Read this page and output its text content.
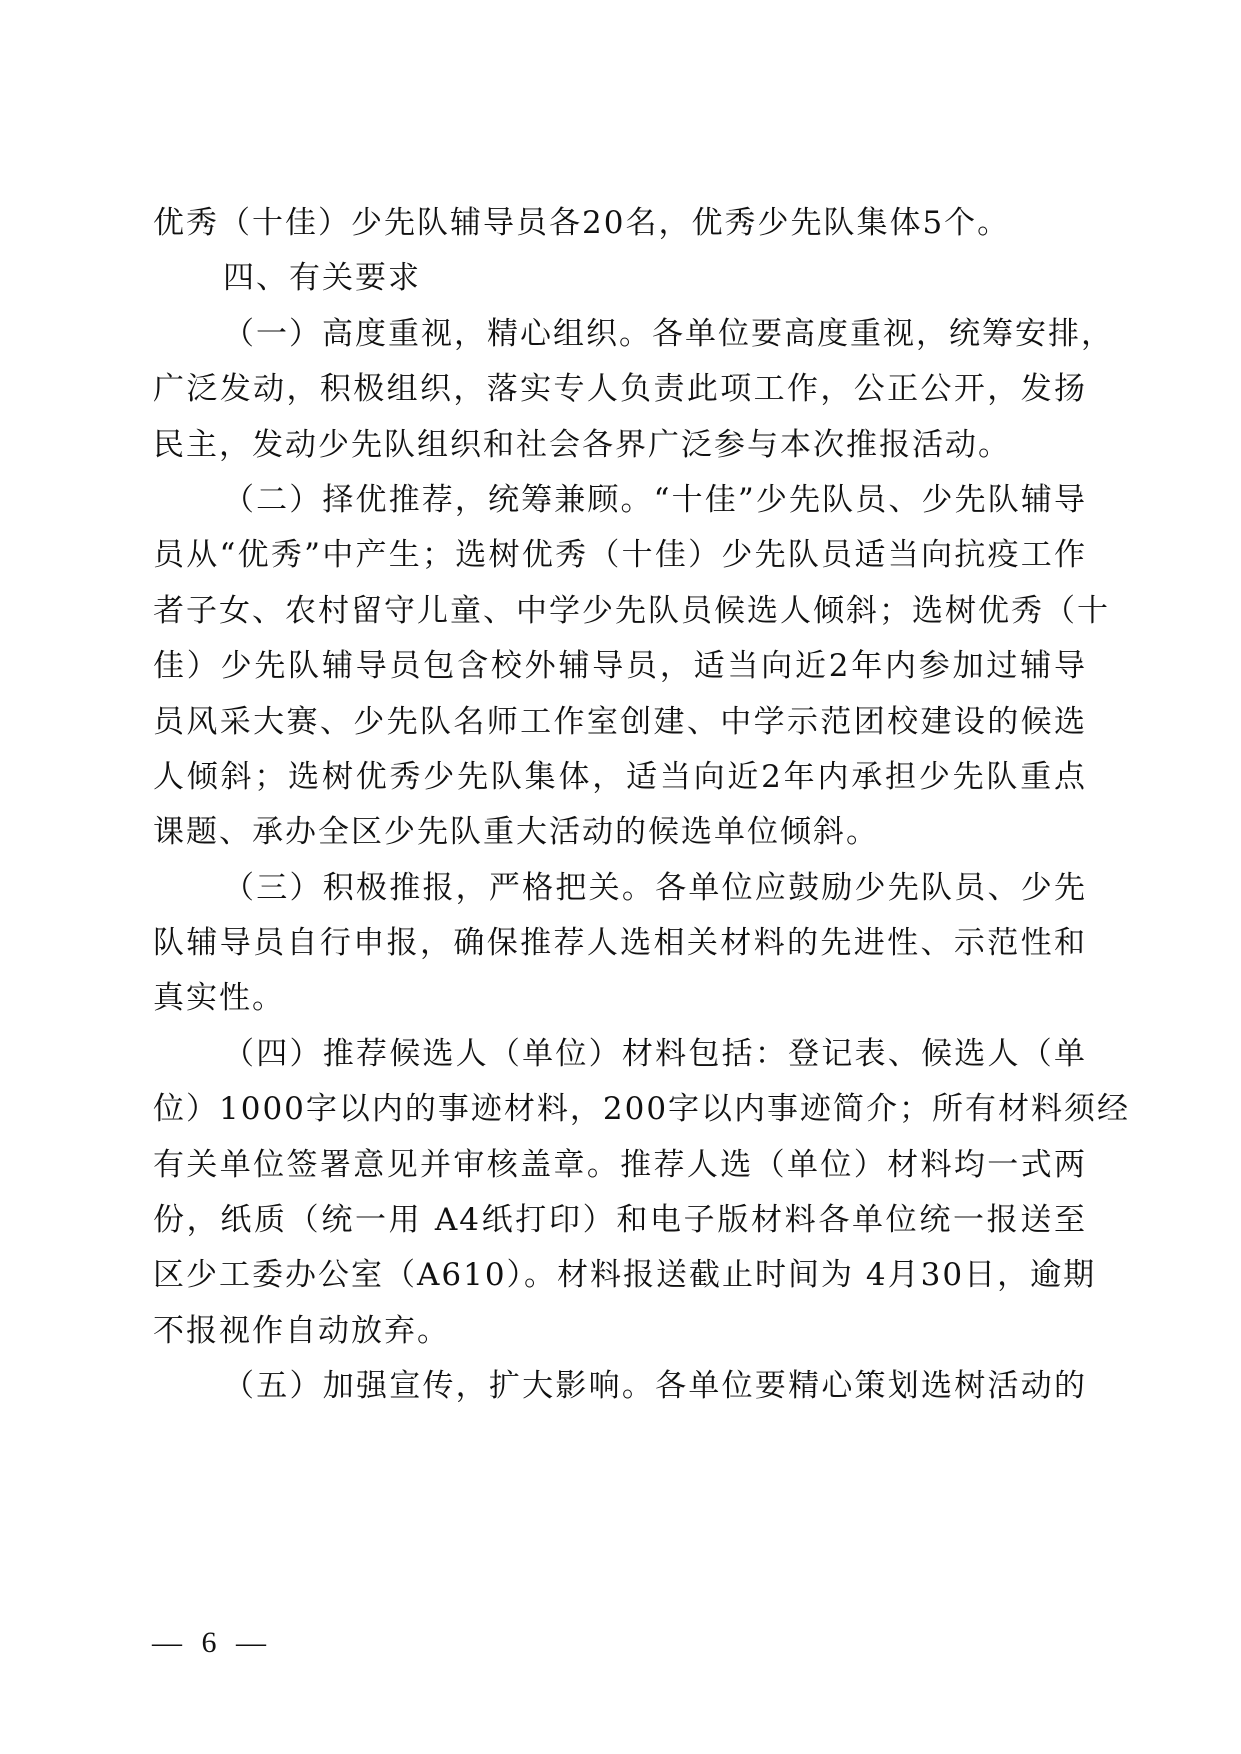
优秀（十佳）少先队辅导员各20名，优秀少先队集体5个。
四、有关要求
（一）高度重视，精心组织。各单位要高度重视，统筹安排，
广泛发动，积极组织，落实专人负责此项工作，公正公开，发扬
民主，发动少先队组织和社会各界广泛参与本次推报活动。
（二）择优推荐，统筹兼顾。“十佳”少先队员、少先队辅导
员从“优秀”中产生；选树优秀（十佳）少先队员适当向抗疫工作
者子女、农村留守儿童、中学少先队员候选人倾斜；选树优秀（十
佳）少先队辅导员包含校外辅导员，适当向近2年内参加过辅导
员风采大赛、少先队名师工作室创建、中学示范团校建设的候选
人倾斜；选树优秀少先队集体，适当向近2年内承担少先队重点
课题、承办全区少先队重大活动的候选单位倾斜。
（三）积极推报，严格把关。各单位应鼓励少先队员、少先
队辅导员自行申报，确保推荐人选相关材料的先进性、示范性和
真实性。
（四）推荐候选人（单位）材料包括：登记表、候选人（单
位）1000字以内的事迹材料，200字以内事迹简介；所有材料须经
有关单位签署意见并审核盖章。推荐人选（单位）材料均一式两
份，纸质（统一用 A4纸打印）和电子版材料各单位统一报送至
区少工委办公室（A610）。材料报送截止时间为 4月30日，逾期
不报视作自动放弃。
（五）加强宣传，扩大影响。各单位要精心策划选树活动的
— 6 —
